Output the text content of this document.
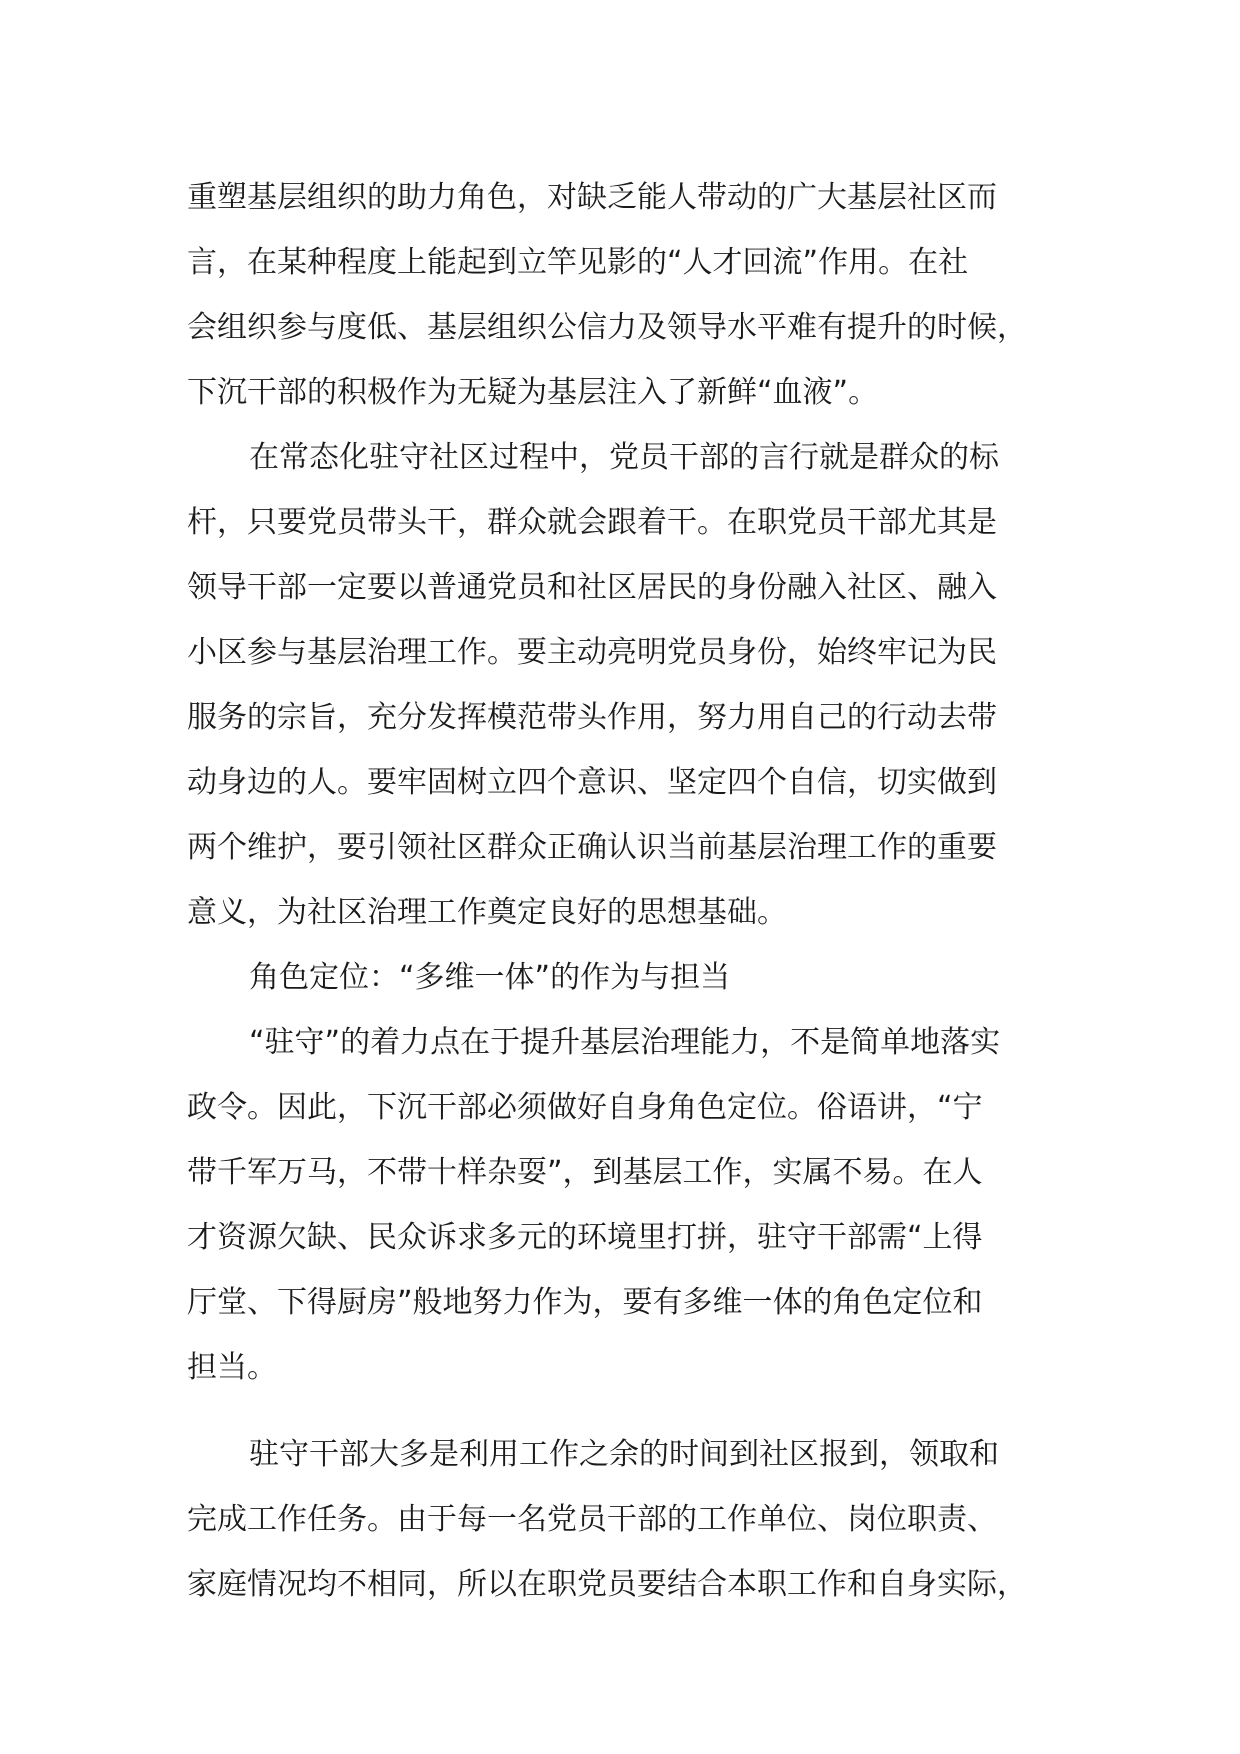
重塑基层组织的助力角色，对缺乏能人带动的广大基层社区而
言，在某种程度上能起到立竿见影的“人才回流”作用。在社
会组织参与度低、基层组织公信力及领导水平难有提升的时候，
下沉干部的积极作为无疑为基层注入了新鲜“血液”。
在常态化驻守社区过程中，党员干部的言行就是群众的标
杆，只要党员带头干，群众就会跟着干。在职党员干部尤其是
领导干部一定要以普通党员和社区居民的身份融入社区、融入
小区参与基层治理工作。要主动亮明党员身份，始终牢记为民
服务的宗旨，充分发挥模范带头作用，努力用自己的行动去带
动身边的人。要牢固树立四个意识、坚定四个自信，切实做到
两个维护，要引领社区群众正确认识当前基层治理工作的重要
意义，为社区治理工作奠定良好的思想基础。
角色定位：“多维一体”的作为与担当
“驻守”的着力点在于提升基层治理能力，不是简单地落实
政令。因此，下沉干部必须做好自身角色定位。俗语讲，“宁
带千军万马，不带十样杂耍”，到基层工作，实属不易。在人
才资源欠缺、民众诉求多元的环境里打拼，驻守干部需“上得
厅堂、下得厨房”般地努力作为，要有多维一体的角色定位和
担当。
驻守干部大多是利用工作之余的时间到社区报到，领取和
完成工作任务。由于每一名党员干部的工作单位、岗位职责、
家庭情况均不相同，所以在职党员要结合本职工作和自身实际，
